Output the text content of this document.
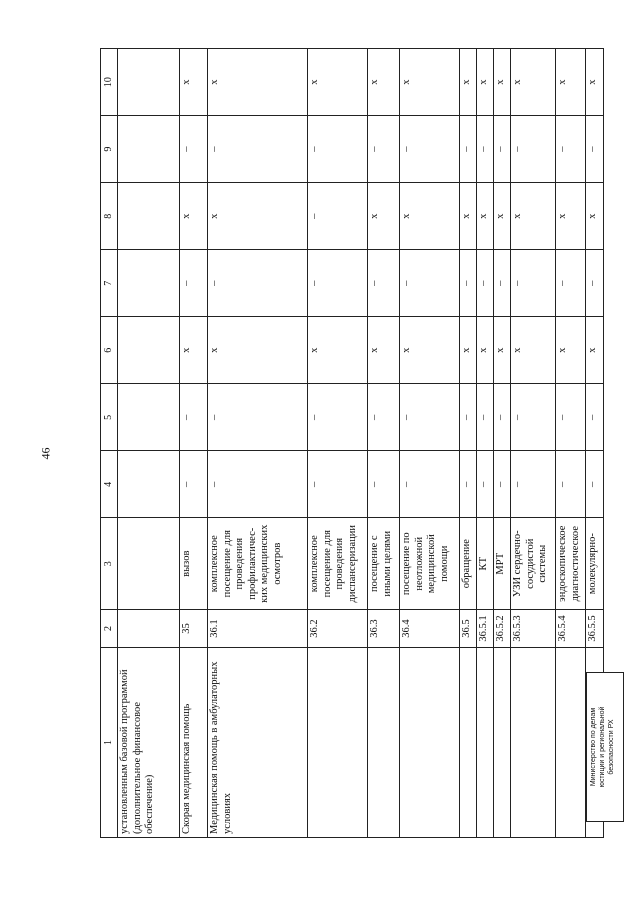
46
1	2	3	4	5	6	7	8	9	10
установленным базовой программой (дополнительное финансовое обеспечение)									
Скорая медицинская помощь	35	вызов	–	–	х	–	х	–	х
Медицинская помощь в амбулаторных условиях	36.1	комплексное посещение для проведения профилактичес-ких медицинских осмотров	–	–	х	–	х	–	х
	36.2	комплексное посещение для проведения диспансеризации	–	–	х	–	–	–	х
	36.3	посещение с иными целями	–	–	х	–	х	–	х
	36.4	посещение по неотложной медицинской помощи	–	–	х	–	х	–	х
	36.5	обращение	–	–	х	–	х	–	х
	36.5.1	КТ	–	–	х	–	х	–	х
	36.5.2	МРТ	–	–	х	–	х	–	х
	36.5.3	УЗИ сердечно-сосудистой системы	–	–	х	–	х	–	х
	36.5.4	эндоскопическое диагностическое	–	–	х	–	х	–	х
	36.5.5	молекулярно-	–	–	х	–	х	–	х
Министерство по делам юстиции и региональной безопасности РХ
